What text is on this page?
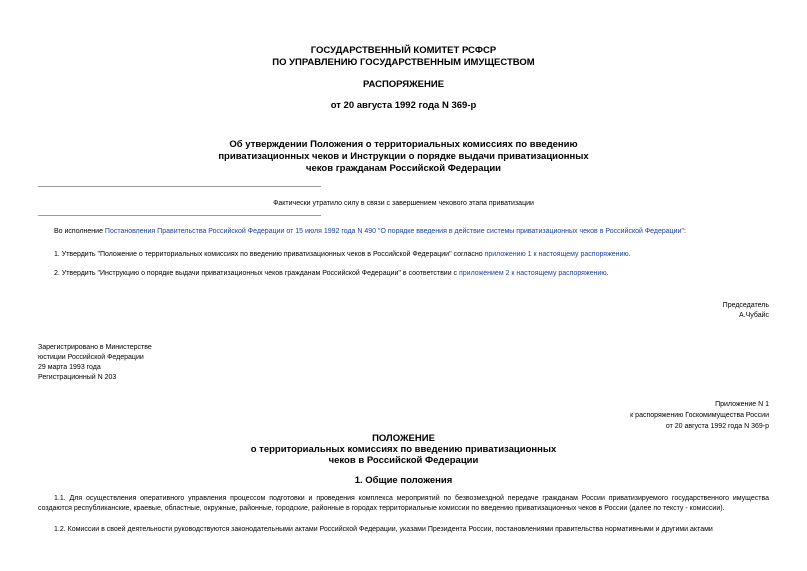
ГОСУДАРСТВЕННЫЙ КОМИТЕТ РСФСР
ПО УПРАВЛЕНИЮ ГОСУДАРСТВЕННЫМ ИМУЩЕСТВОМ
РАСПОРЯЖЕНИЕ
от 20 августа 1992 года N 369-р
Об утверждении Положения о территориальных комиссиях по введению
приватизационных чеков и Инструкции о порядке выдачи приватизационных
чеков гражданам Российской Федерации
Фактически утратило силу в связи с завершением чекового этапа приватизации
Во исполнение Постановления Правительства Российской Федерации от 15 июля 1992 года N 490 "О порядке введения в действие системы приватизационных чеков в Российской Федерации":
1. Утвердить "Положение о территориальных комиссиях по введению приватизационных чеков в Российской Федерации" согласно приложению 1 к настоящему распоряжению.
2. Утвердить "Инструкцию о порядке выдачи приватизационных чеков гражданам Российской Федерации" в соответствии с приложением 2 к настоящему распоряжению.
Председатель
А.Чубайс
Зарегистрировано в Министерстве
юстиции Российской Федерации
29 марта 1993 года
Регистрационный N 203
Приложение N 1
к распоряжению Госкомимущества России
от 20 августа 1992 года N 369-р
ПОЛОЖЕНИЕ
о территориальных комиссиях по введению приватизационных
чеков в Российской Федерации
1. Общие положения
1.1. Для осуществления оперативного управления процессом подготовки и проведения комплекса мероприятий по безвозмездной передаче гражданам России приватизируемого государственного имущества создаются республиканские, краевые, областные, окружные, районные, городские, районные в городах территориальные комиссии по введению приватизационных чеков в России (далее по тексту - комиссии).
1.2. Комиссии в своей деятельности руководствуются законодательными актами Российской Федерации, указами Президента России, постановлениями правительства нормативными и другими актами
